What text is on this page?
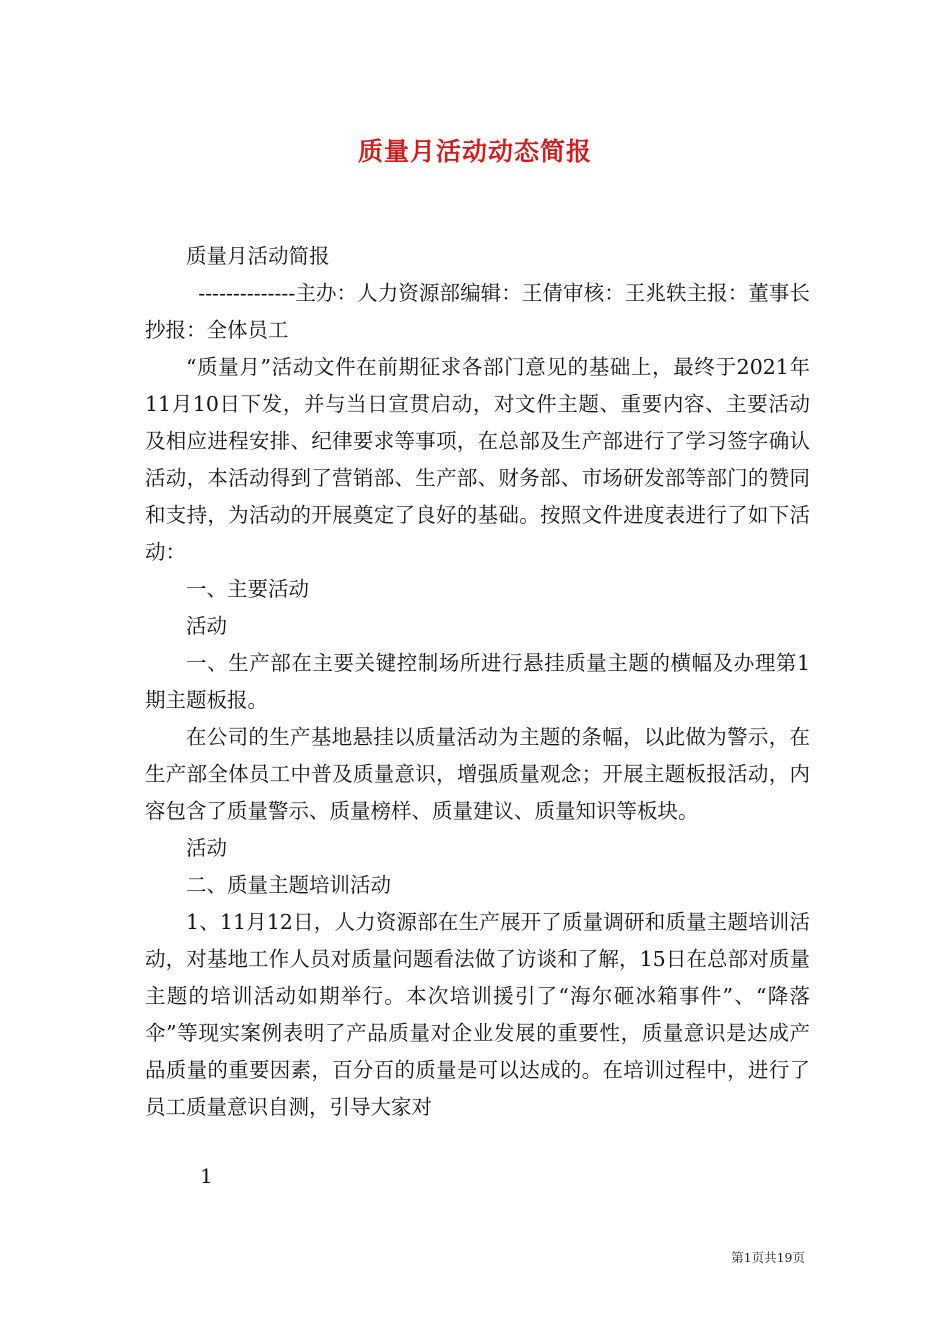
质量月活动动态简报

质量月活动简报

--------------主办：人力资源部编辑：王倩审核：王兆轶主报：董事长抄报：全体员工

“质量月”活动文件在前期征求各部门意见的基础上，最终于2021年11月10日下发，并与当日宣贯启动，对文件主题、重要内容、主要活动及相应进程安排、纪律要求等事项，在总部及生产部进行了学习签字确认活动，本活动得到了营销部、生产部、财务部、市场研发部等部门的赞同和支持，为活动的开展奠定了良好的基础。按照文件进度表进行了如下活动：

一、主要活动

活动

一、生产部在主要关键控制场所进行悬挂质量主题的横幅及办理第1期主题板报。

在公司的生产基地悬挂以质量活动为主题的条幅，以此做为警示，在生产部全体员工中普及质量意识，增强质量观念；开展主题板报活动，内容包含了质量警示、质量榜样、质量建议、质量知识等板块。

活动

二、质量主题培训活动

1、11月12日，人力资源部在生产展开了质量调研和质量主题培训活动，对基地工作人员对质量问题看法做了访谈和了解，15日在总部对质量主题的培训活动如期举行。本次培训援引了“海尔砸冰箱事件”、“降落伞”等现实案例表明了产品质量对企业发展的重要性，质量意识是达成产品质量的重要因素，百分百的质量是可以达成的。在培训过程中，进行了员工质量意识自测，引导大家对

1
第1页共19页
